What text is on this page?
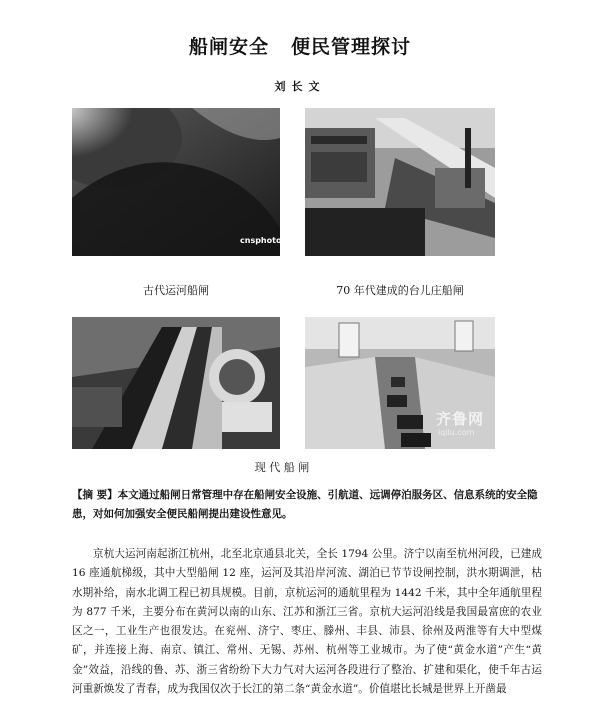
船闸安全 便民管理探讨
刘长文
cnsphoto
古代运河船闸	70 年代建成的台儿庄船闸
齐鲁网
iqilu.com
现 代 船 闸
【摘 要】本文通过船闸日常管理中存在船闸安全设施、引航道、远调停泊服务区、信息系统的安全隐患，对如何加强安全便民船闸提出建设性意见。
京杭大运河南起浙江杭州，北至北京通县北关，全长 1794 公里。济宁以南至杭州河段，已建成 16 座通航梯级，其中大型船闸 12 座，运河及其沿岸河流、湖泊已节节设闸控制，洪水期调泄，枯水期补给，南水北调工程已初具规模。目前，京杭运河的通航里程为 1442 千米，其中全年通航里程为 877 千米，主要分布在黄河以南的山东、江苏和浙江三省。京杭大运河沿线是我国最富庶的农业区之一，工业生产也很发达。在兖州、济宁、枣庄、滕州、丰县、沛县、徐州及两淮等有大中型煤矿，并连接上海、南京、镇江、常州、无锡、苏州、杭州等工业城市。为了使“黄金水道”产生“黄金”效益，沿线的鲁、苏、浙三省纷纷下大力气对大运河各段进行了整治、扩建和渠化，使千年古运河重新焕发了青春，成为我国仅次于长江的第二条“黄金水道”。价值堪比长城是世界上开凿最
